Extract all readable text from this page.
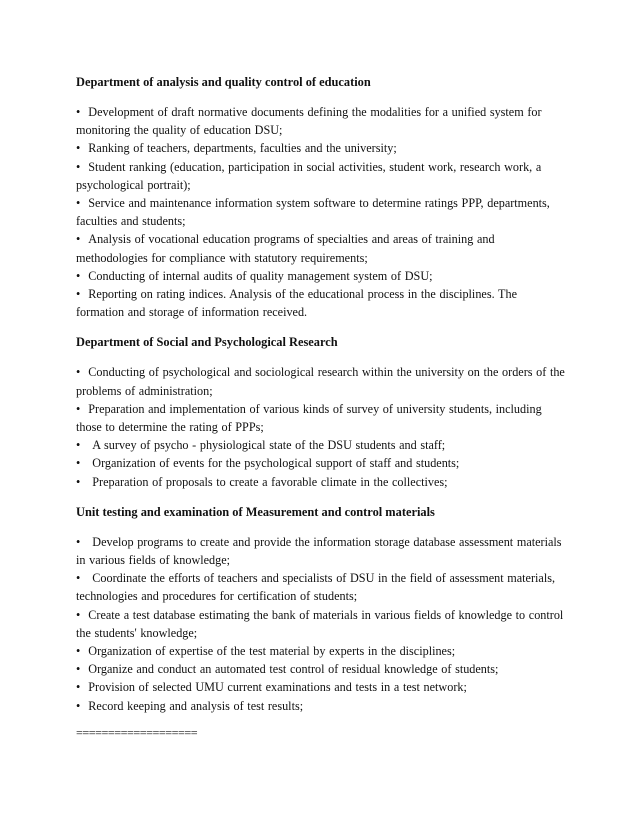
Department of analysis and quality control of education
• Development of draft normative documents defining the modalities for a unified system for monitoring the quality of education DSU;
• Ranking of teachers, departments, faculties and the university;
• Student ranking (education, participation in social activities, student work, research work, a psychological portrait);
• Service and maintenance information system software to determine ratings PPP, departments, faculties and students;
• Analysis of vocational education programs of specialties and areas of training and methodologies for compliance with statutory requirements;
• Conducting of internal audits of quality management system of DSU;
• Reporting on rating indices. Analysis of the educational process in the disciplines. The formation and storage of information received.
Department of Social and Psychological Research
• Conducting of psychological and sociological research within the university on the orders of the problems of administration;
• Preparation and implementation of various kinds of survey of university students, including those to determine the rating of PPPs;
• A survey of psycho - physiological state of the DSU students and staff;
• Organization of events for the psychological support of staff and students;
• Preparation of proposals to create a favorable climate in the collectives;
Unit testing and examination of Measurement and control materials
• Develop programs to create and provide the information storage database assessment materials in various fields of knowledge;
• Coordinate the efforts of teachers and specialists of DSU in the field of assessment materials, technologies and procedures for certification of students;
• Create a test database estimating the bank of materials in various fields of knowledge to control the students' knowledge;
• Organization of expertise of the test material by experts in the disciplines;
• Organize and conduct an automated test control of residual knowledge of students;
• Provision of selected UMU current examinations and tests in a test network;
• Record keeping and analysis of test results;
===================
